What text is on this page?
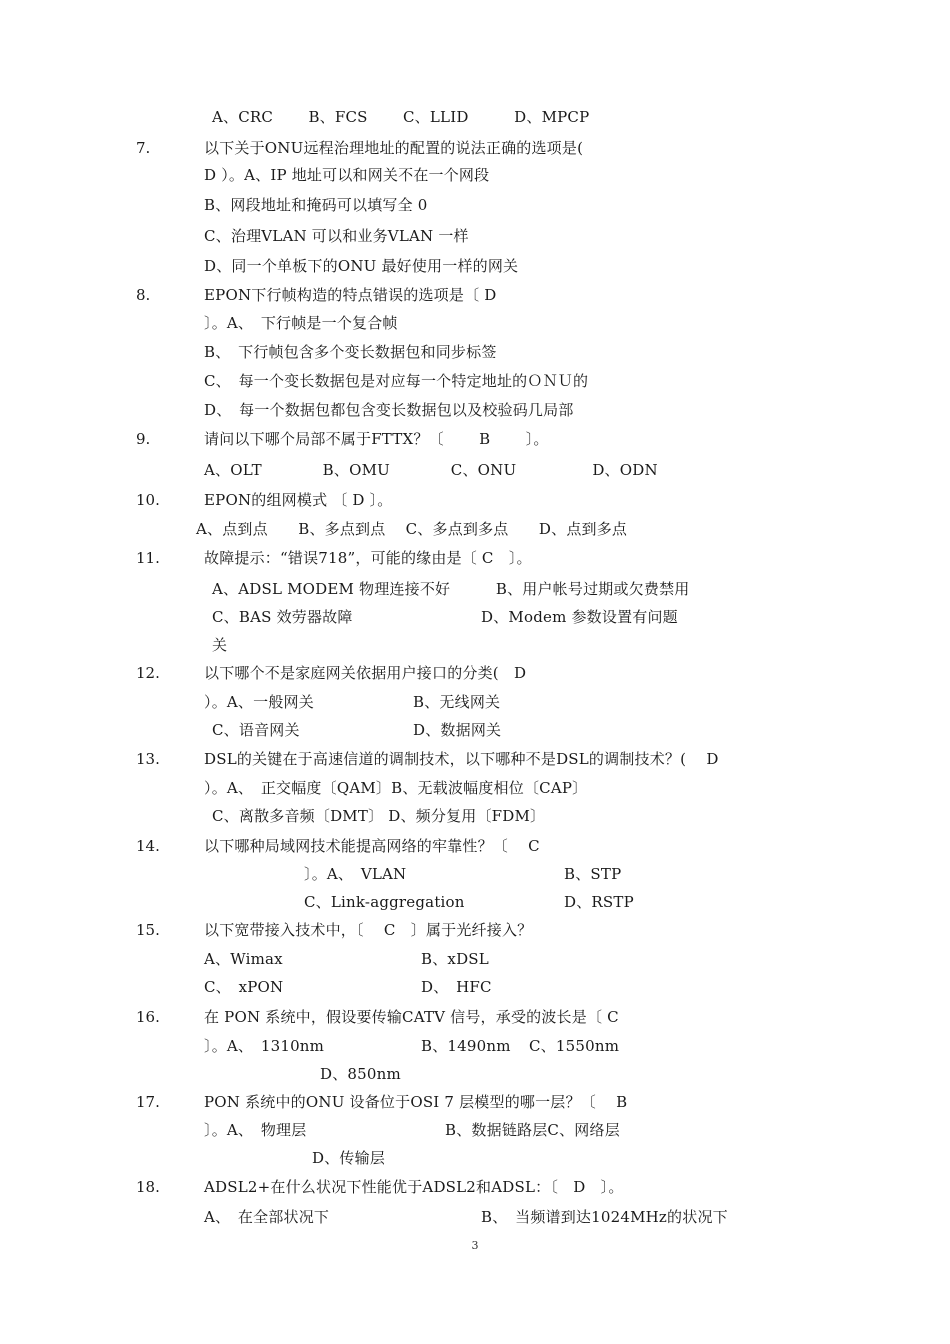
7.
8.
9.
10.
11.
12.
13.
14.
15.
16.
17.
18.
A、CRC　　 B、FCS　　 C、LLID　　　D、MPCP
以下关于ONU远程治理地址的配置的说法正确的选项是(
D ）。A、IP 地址可以和网关不在一个网段
B、网段地址和掩码可以填写全 0
C、治理VLAN 可以和业务VLAN 一样
D、同一个单板下的ONU 最好使用一样的网关
EPON下行帧构造的特点错误的选项是〔 D
〕。A、　下行帧是一个复合帧
B、　下行帧包含多个变长数据包和同步标签
C、　每一个变长数据包是对应每一个特定地址的ＯＮＵ的
D、　每一个数据包都包含变长数据包以及校验码几局部
请问以下哪个局部不属于FTTX？〔　　 B　　 〕。
A、OLT　　　　B、OMU　　　　C、ONU　　　　　D、ODN
EPON的组网模式 〔 D 〕。
A、点到点　　B、多点到点　 C、多点到多点　　D、点到多点
故障提示：“错误718”，可能的缘由是〔 C　〕。
A、ADSL MODEM 物理连接不好　　　B、用户帐号过期或欠费禁用
C、BAS 效劳器故障	D、Modem 参数设置有问题
关
以下哪个不是家庭网关依据用户接口的分类(　D
）。A、一般网关	B、无线网关
C、语音网关	D、数据网关
DSL的关键在于高速信道的调制技术，以下哪种不是DSL的调制技术？(　 D
）。A、　正交幅度〔QAM〕B、无载波幅度相位〔CAP〕
C、离散多音频〔DMT〕 D、频分复用〔FDM〕
以下哪种局域网技术能提高网络的牢靠性？〔　 C
〕。A、　VLAN	B、STP
C、Link-aggregation	D、RSTP
以下宽带接入技术中，〔　 C　〕属于光纤接入？
A、Wimax	B、xDSL
C、　xPON	D、　HFC
在 PON 系统中，假设要传输CATV 信号，承受的波长是〔 C
〕。A、　1310nm	B、1490nm C、1550nm
D、850nm
PON 系统中的ONU 设备位于OSI 7 层模型的哪一层？〔　 B
〕。A、　物理层	B、数据链路层C、网络层
D、传输层
ADSL2+在什么状况下性能优于ADSL2和ADSL：〔　D　〕。
A、　在全部状况下	B、　当频谱到达1024MHz的状况下
3
